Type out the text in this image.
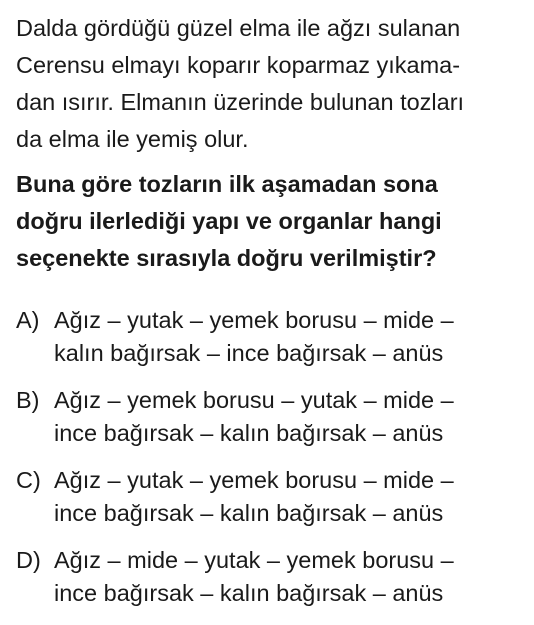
Dalda gördüğü güzel elma ile ağzı sulanan
Cerensu elmayı koparır koparmaz yıkama-
dan ısırır. Elmanın üzerinde bulunan tozları
da elma ile yemiş olur.

Buna göre tozların ilk aşamadan sona
doğru ilerlediği yapı ve organlar hangi
seçenekte sırasıyla doğru verilmiştir?

A) Ağız – yutak – yemek borusu – mide –
kalın bağırsak – ince bağırsak – anüs
B) Ağız – yemek borusu – yutak – mide –
ince bağırsak – kalın bağırsak – anüs
C) Ağız – yutak – yemek borusu – mide –
ince bağırsak – kalın bağırsak – anüs
D) Ağız – mide – yutak – yemek borusu –
ince bağırsak – kalın bağırsak – anüs
